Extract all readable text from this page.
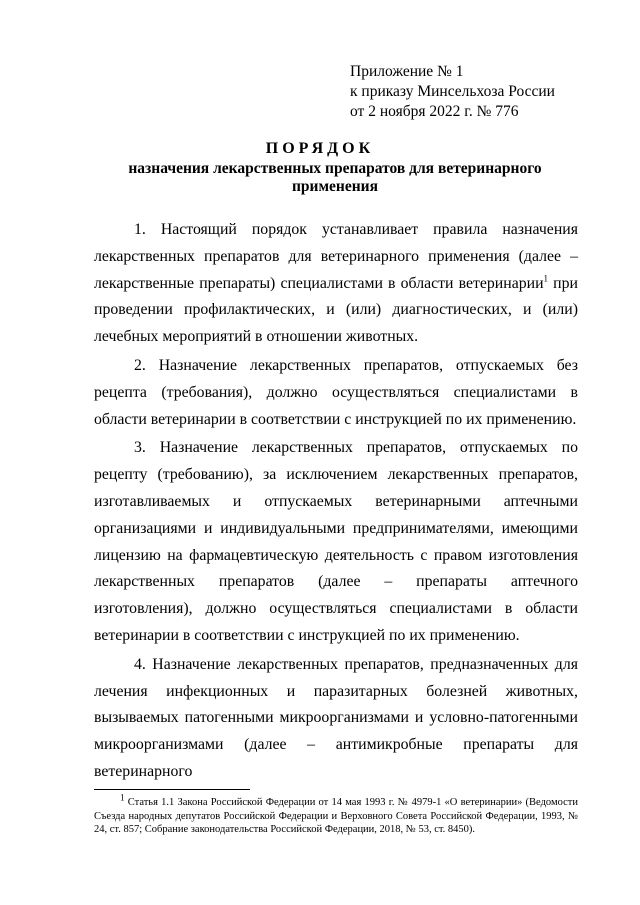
Приложение № 1
к приказу Минсельхоза России
от 2 ноября 2022 г. № 776
ПОРЯДОК
назначения лекарственных препаратов для ветеринарного применения

1. Настоящий порядок устанавливает правила назначения лекарственных препаратов для ветеринарного применения (далее – лекарственные препараты) специалистами в области ветеринарии$^1$ при проведении профилактических, и (или) диагностических, и (или) лечебных мероприятий в отношении животных.

2. Назначение лекарственных препаратов, отпускаемых без рецепта (требования), должно осуществляться специалистами в области ветеринарии в соответствии с инструкцией по их применению.

3. Назначение лекарственных препаратов, отпускаемых по рецепту (требованию), за исключением лекарственных препаратов, изготавливаемых и отпускаемых ветеринарными аптечными организациями и индивидуальными предпринимателями, имеющими лицензию на фармацевтическую деятельность с правом изготовления лекарственных препаратов (далее – препараты аптечного изготовления), должно осуществляться специалистами в области ветеринарии в соответствии с инструкцией по их применению.

4. Назначение лекарственных препаратов, предназначенных для лечения инфекционных и паразитарных болезней животных, вызываемых патогенными микроорганизмами и условно-патогенными микроорганизмами (далее – антимикробные препараты для ветеринарного

$^1$ Статья 1.1 Закона Российской Федерации от 14 мая 1993 г. № 4979-1 «О ветеринарии» (Ведомости Съезда народных депутатов Российской Федерации и Верховного Совета Российской Федерации, 1993, № 24, ст. 857; Собрание законодательства Российской Федерации, 2018, № 53, ст. 8450).
